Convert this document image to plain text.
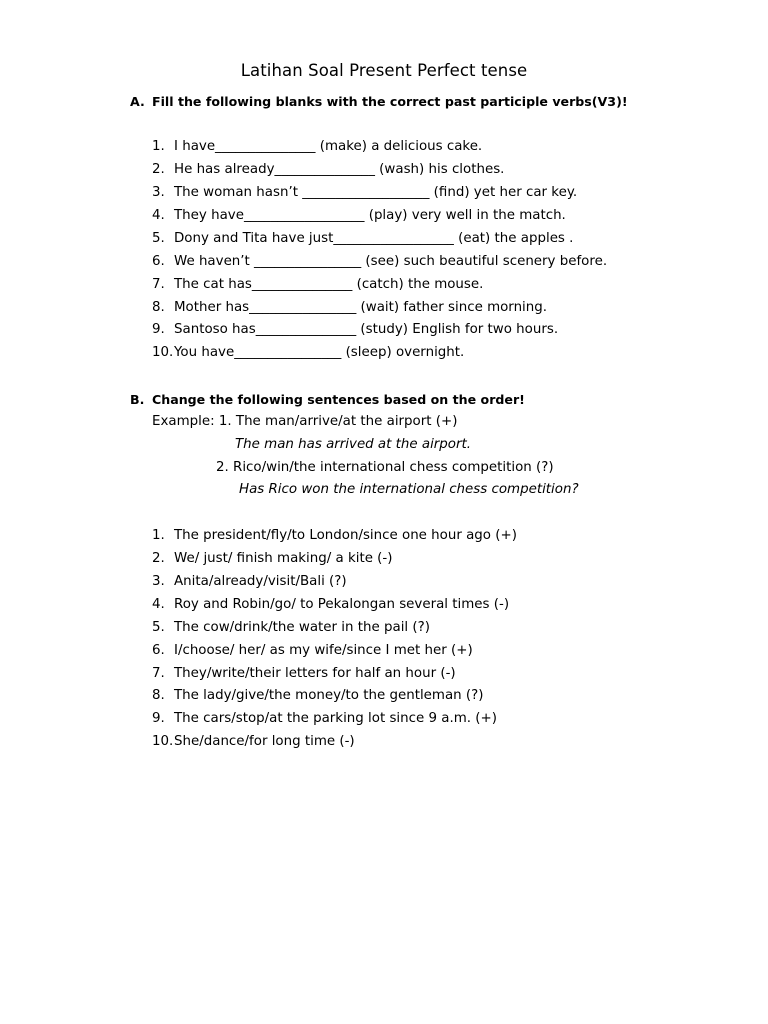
Latihan Soal Present Perfect tense
A. Fill the following blanks with the correct past participle verbs(V3)!
1. I have_______________ (make) a delicious cake.
2. He has already_______________ (wash) his clothes.
3. The woman hasn’t ___________________ (find) yet her car key.
4. They have__________________ (play) very well in the match.
5. Dony and Tita have just__________________ (eat) the apples .
6. We haven’t ________________ (see) such beautiful scenery before.
7. The cat has_______________ (catch) the mouse.
8. Mother has________________ (wait) father since morning.
9. Santoso has_______________ (study) English for two hours.
10.You have________________ (sleep) overnight.
B. Change the following sentences based on the order!
Example: 1. The man/arrive/at the airport (+)
The man has arrived at the airport.
2. Rico/win/the international chess competition (?)
Has Rico won the international chess competition?
1. The president/fly/to London/since one hour ago (+)
2. We/ just/ finish making/ a kite (-)
3. Anita/already/visit/Bali (?)
4. Roy and Robin/go/ to Pekalongan several times (-)
5. The cow/drink/the water in the pail (?)
6. I/choose/ her/ as my wife/since I met her (+)
7. They/write/their letters for half an hour (-)
8. The lady/give/the money/to the gentleman (?)
9. The cars/stop/at the parking lot since 9 a.m. (+)
10.She/dance/for long time (-)
